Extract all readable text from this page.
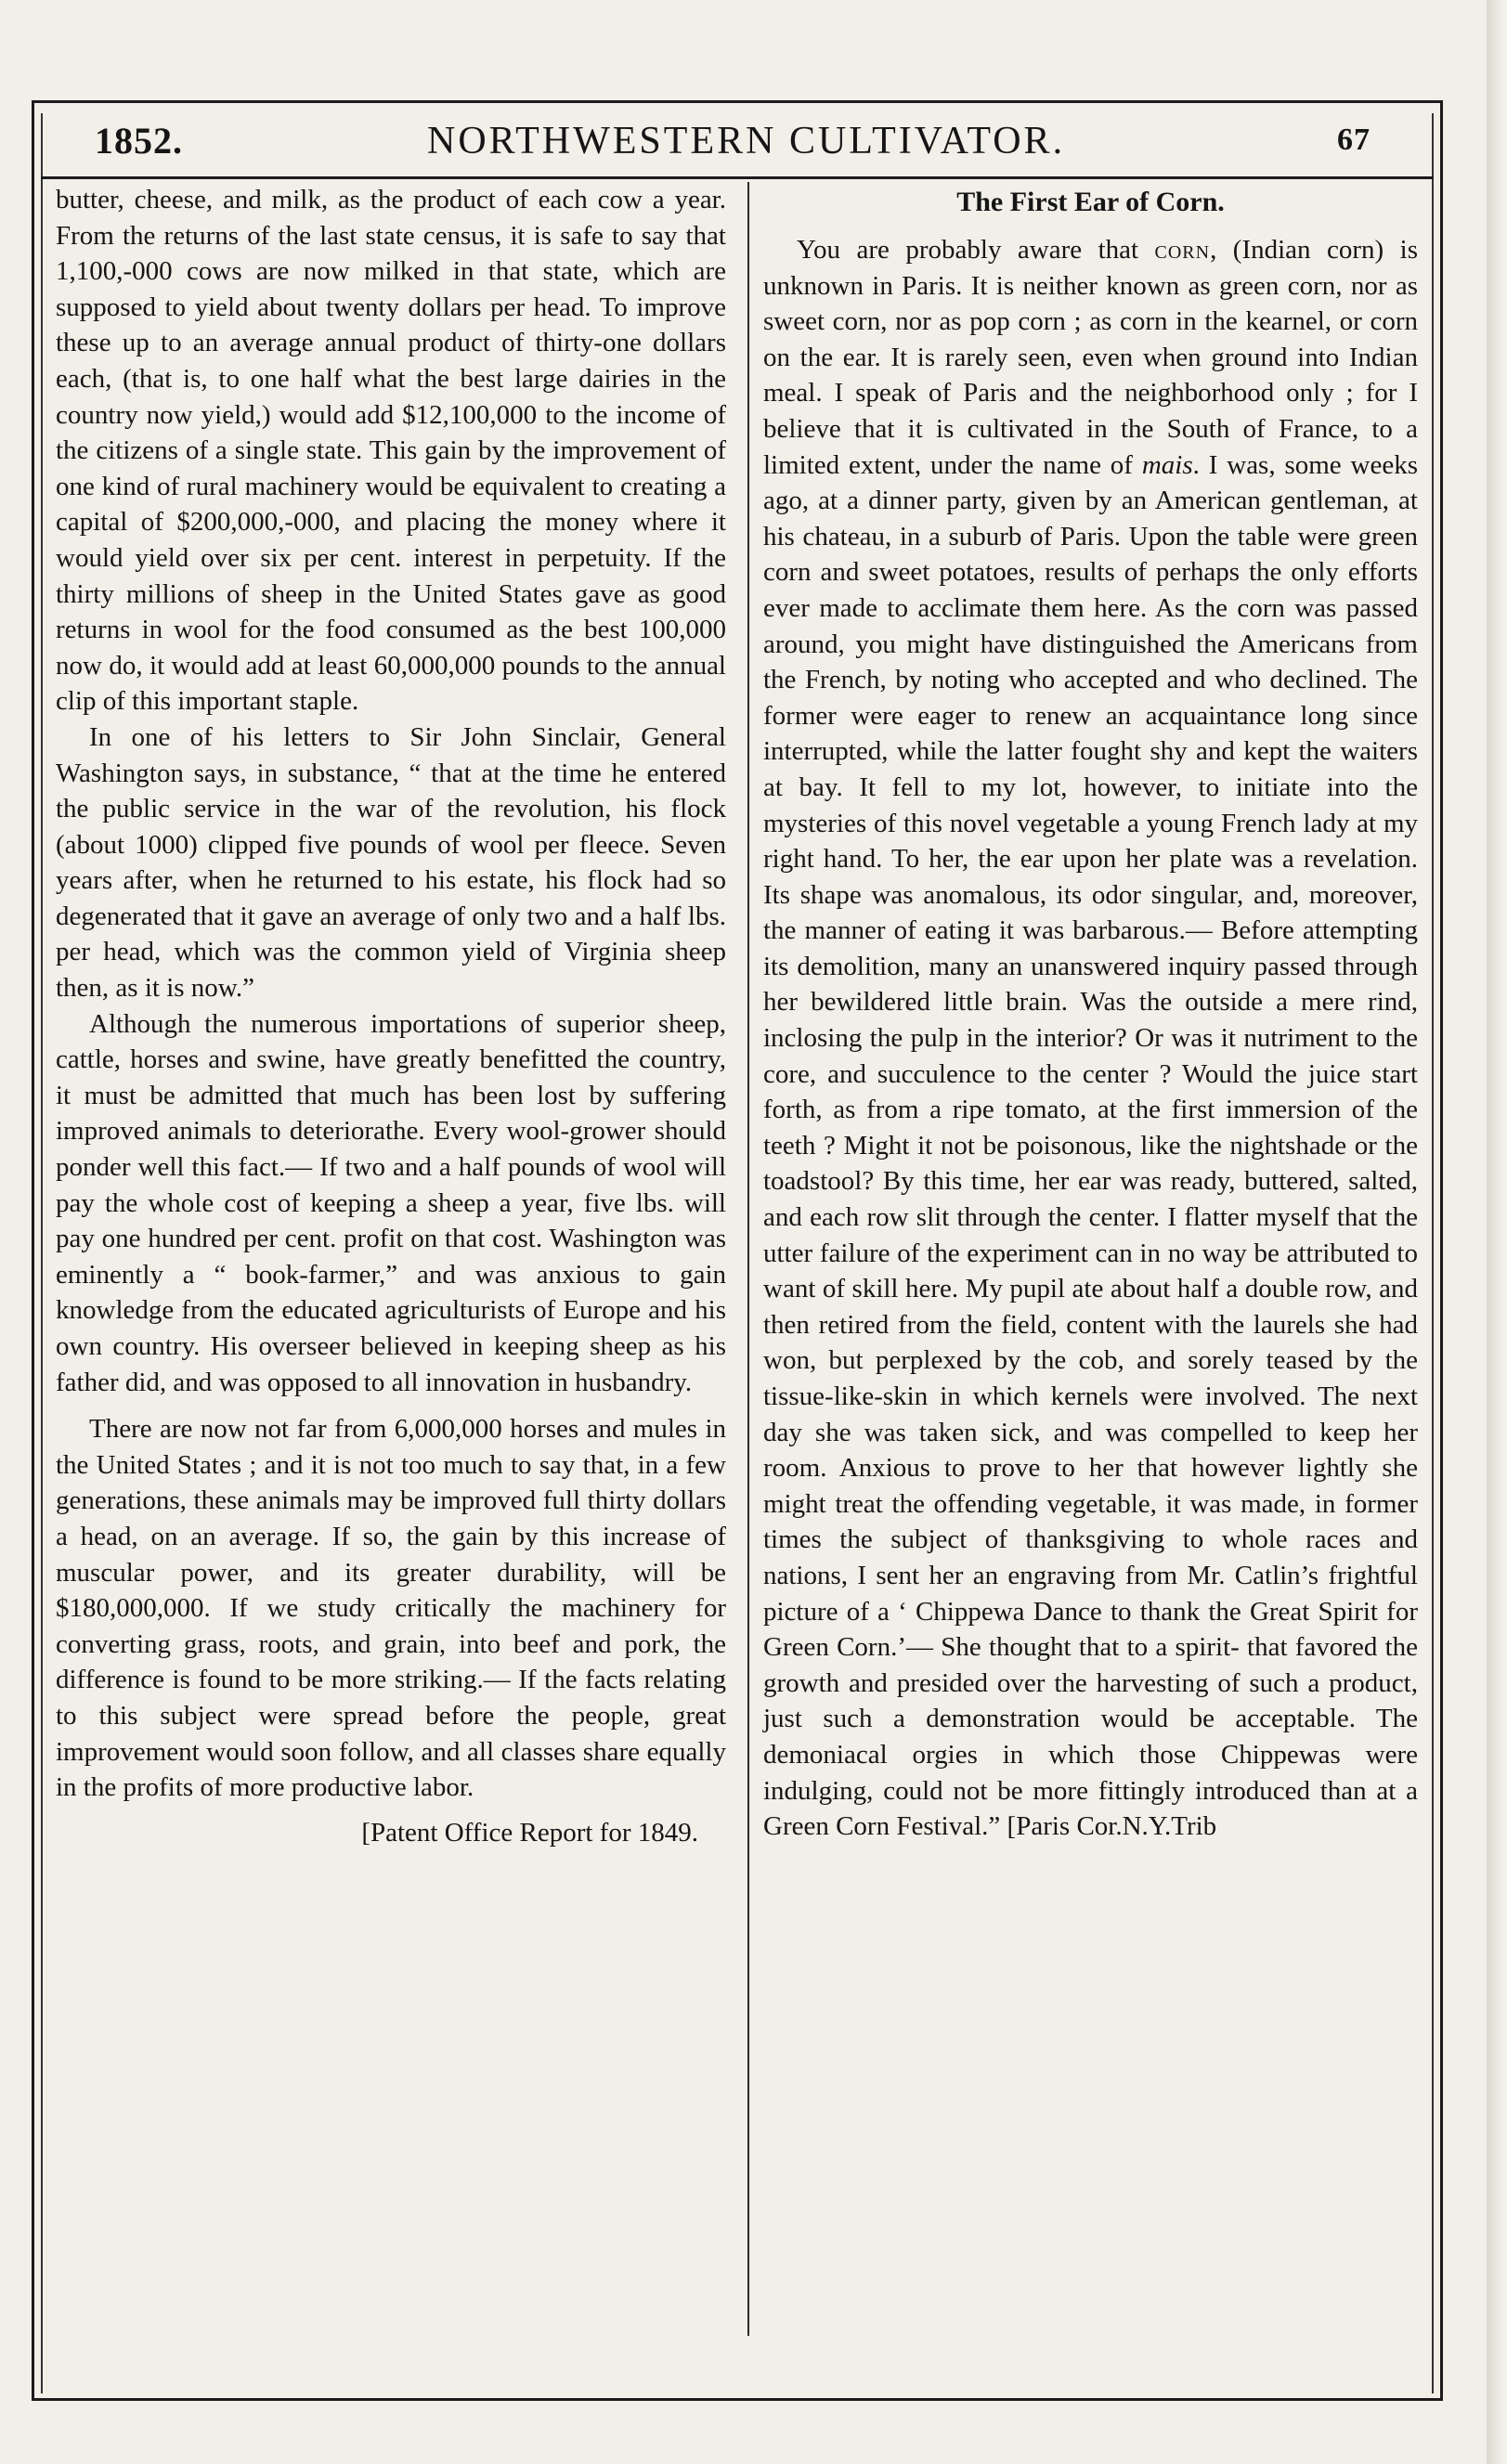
1852.	NORTHWESTERN CULTIVATOR.	67

butter, cheese, and milk, as the product of each cow a year. From the returns of the last state census, it is safe to say that 1,100,-000 cows are now milked in that state, which are supposed to yield about twenty dollars per head. To improve these up to an average annual product of thirty-one dollars each, (that is, to one half what the best large dairies in the country now yield,) would add $12,100,000 to the income of the citizens of a single state. This gain by the improvement of one kind of rural machinery would be equivalent to creating a capital of $200,000,-000, and placing the money where it would yield over six per cent. interest in perpetuity. If the thirty millions of sheep in the United States gave as good returns in wool for the food consumed as the best 100,000 now do, it would add at least 60,000,000 pounds to the annual clip of this important staple.

In one of his letters to Sir John Sinclair, General Washington says, in substance, “ that at the time he entered the public service in the war of the revolution, his flock (about 1000) clipped five pounds of wool per fleece. Seven years after, when he returned to his estate, his flock had so degenerated that it gave an average of only two and a half lbs. per head, which was the common yield of Virginia sheep then, as it is now.”

Although the numerous importations of superior sheep, cattle, horses and swine, have greatly benefitted the country, it must be admitted that much has been lost by suffering improved animals to deteriorathe. Every wool-grower should ponder well this fact.— If two and a half pounds of wool will pay the whole cost of keeping a sheep a year, five lbs. will pay one hundred per cent. profit on that cost. Washington was eminently a “ book-farmer,” and was anxious to gain knowledge from the educated agriculturists of Europe and his own country. His overseer believed in keeping sheep as his father did, and was opposed to all innovation in husbandry.

There are now not far from 6,000,000 horses and mules in the United States ; and it is not too much to say that, in a few generations, these animals may be improved full thirty dollars a head, on an average. If so, the gain by this increase of muscular power, and its greater durability, will be $180,000,000. If we study critically the machinery for converting grass, roots, and grain, into beef and pork, the difference is found to be more striking.— If the facts relating to this subject were spread before the people, great improvement would soon follow, and all classes share equally in the profits of more productive labor.

[Patent Office Report for 1849.

The First Ear of Corn.

You are probably aware that corn, (Indian corn) is unknown in Paris. It is neither known as green corn, nor as sweet corn, nor as pop corn ; as corn in the kearnel, or corn on the ear. It is rarely seen, even when ground into Indian meal. I speak of Paris and the neighborhood only ; for I believe that it is cultivated in the South of France, to a limited extent, under the name of mais. I was, some weeks ago, at a dinner party, given by an American gentleman, at his chateau, in a suburb of Paris. Upon the table were green corn and sweet potatoes, results of perhaps the only efforts ever made to acclimate them here. As the corn was passed around, you might have distinguished the Americans from the French, by noting who accepted and who declined. The former were eager to renew an acquaintance long since interrupted, while the latter fought shy and kept the waiters at bay. It fell to my lot, however, to initiate into the mysteries of this novel vegetable a young French lady at my right hand. To her, the ear upon her plate was a revelation. Its shape was anomalous, its odor singular, and, moreover, the manner of eating it was barbarous.— Before attempting its demolition, many an unanswered inquiry passed through her bewildered little brain. Was the outside a mere rind, inclosing the pulp in the interior? Or was it nutriment to the core, and succulence to the center ? Would the juice start forth, as from a ripe tomato, at the first immersion of the teeth ? Might it not be poisonous, like the nightshade or the toadstool? By this time, her ear was ready, buttered, salted, and each row slit through the center. I flatter myself that the utter failure of the experiment can in no way be attributed to want of skill here. My pupil ate about half a double row, and then retired from the field, content with the laurels she had won, but perplexed by the cob, and sorely teased by the tissue-like-skin in which kernels were involved. The next day she was taken sick, and was compelled to keep her room. Anxious to prove to her that however lightly she might treat the offending vegetable, it was made, in former times the subject of thanksgiving to whole races and nations, I sent her an engraving from Mr. Catlin’s frightful picture of a ‘ Chippewa Dance to thank the Great Spirit for Green Corn.’— She thought that to a spirit- that favored the growth and presided over the harvesting of such a product, just such a demonstration would be acceptable. The demoniacal orgies in which those Chippewas were indulging, could not be more fittingly introduced than at a Green Corn Festival.” [Paris Cor.N.Y.Trib
